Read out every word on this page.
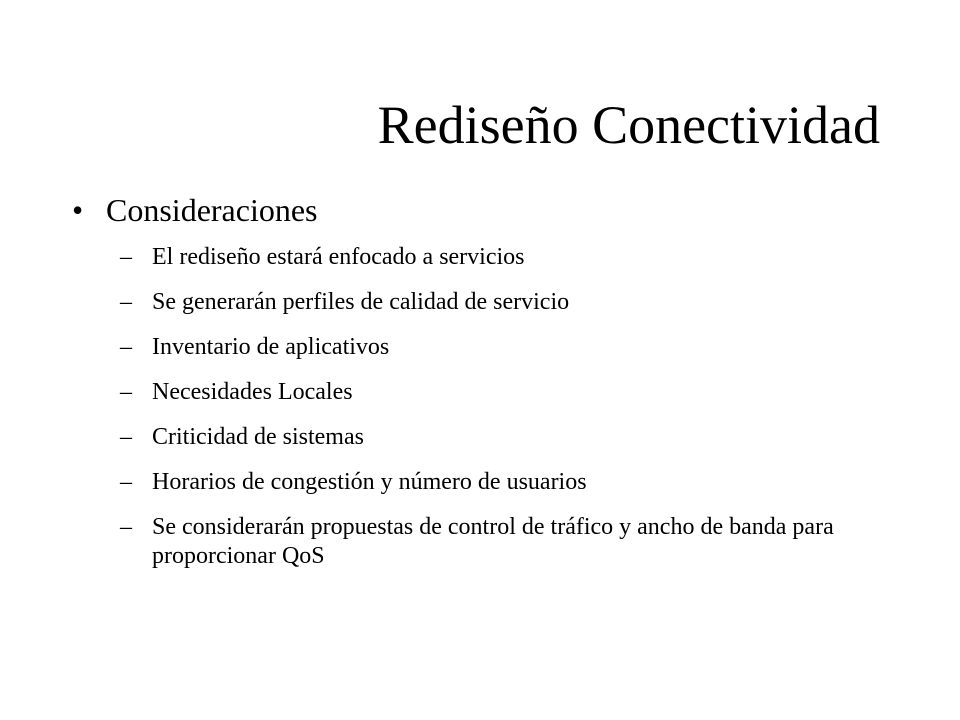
Rediseño Conectividad
• Consideraciones
– El rediseño estará enfocado a servicios
– Se generarán perfiles de calidad de servicio
– Inventario de aplicativos
– Necesidades Locales
– Criticidad de sistemas
– Horarios de congestión y número de usuarios
– Se considerarán propuestas de control de tráfico y ancho de banda para proporcionar QoS
